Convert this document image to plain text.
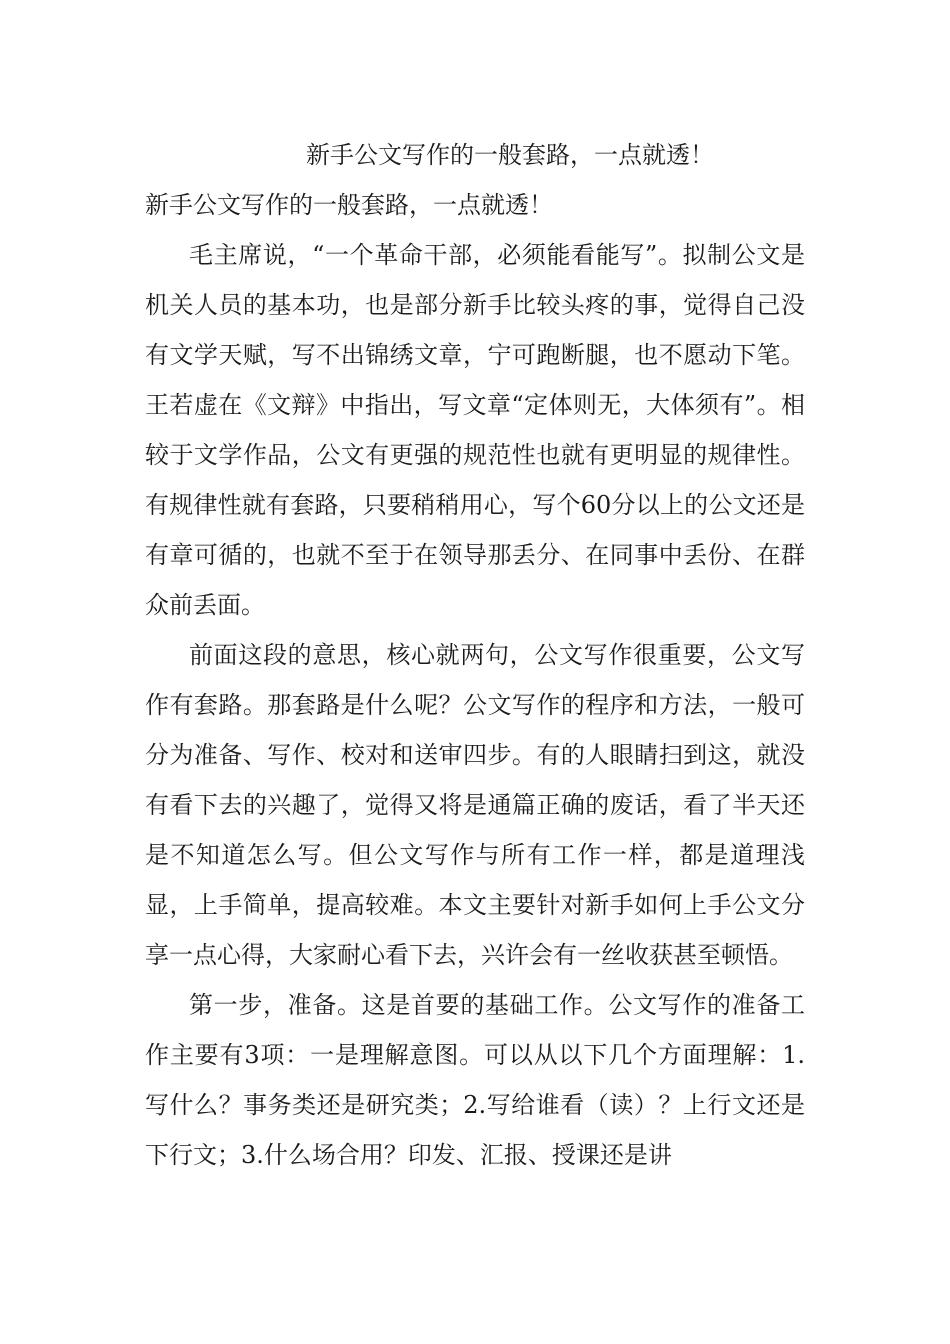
新手公文写作的一般套路，一点就透！

新手公文写作的一般套路，一点就透！

毛主席说，“一个革命干部，必须能看能写”。拟制公文是机关人员的基本功，也是部分新手比较头疼的事，觉得自己没有文学天赋，写不出锦绣文章，宁可跑断腿，也不愿动下笔。王若虚在《文辩》中指出，写文章“定体则无，大体须有”。相较于文学作品，公文有更强的规范性也就有更明显的规律性。有规律性就有套路，只要稍稍用心，写个60分以上的公文还是有章可循的，也就不至于在领导那丢分、在同事中丢份、在群众前丢面。

前面这段的意思，核心就两句，公文写作很重要，公文写作有套路。那套路是什么呢？公文写作的程序和方法，一般可分为准备、写作、校对和送审四步。有的人眼睛扫到这，就没有看下去的兴趣了，觉得又将是通篇正确的废话，看了半天还是不知道怎么写。但公文写作与所有工作一样，都是道理浅显，上手简单，提高较难。本文主要针对新手如何上手公文分享一点心得，大家耐心看下去，兴许会有一丝收获甚至顿悟。

第一步，准备。这是首要的基础工作。公文写作的准备工作主要有3项：一是理解意图。可以从以下几个方面理解：1.写什么？事务类还是研究类；2.写给谁看（读）？上行文还是下行文；3.什么场合用？印发、汇报、授课还是讲
